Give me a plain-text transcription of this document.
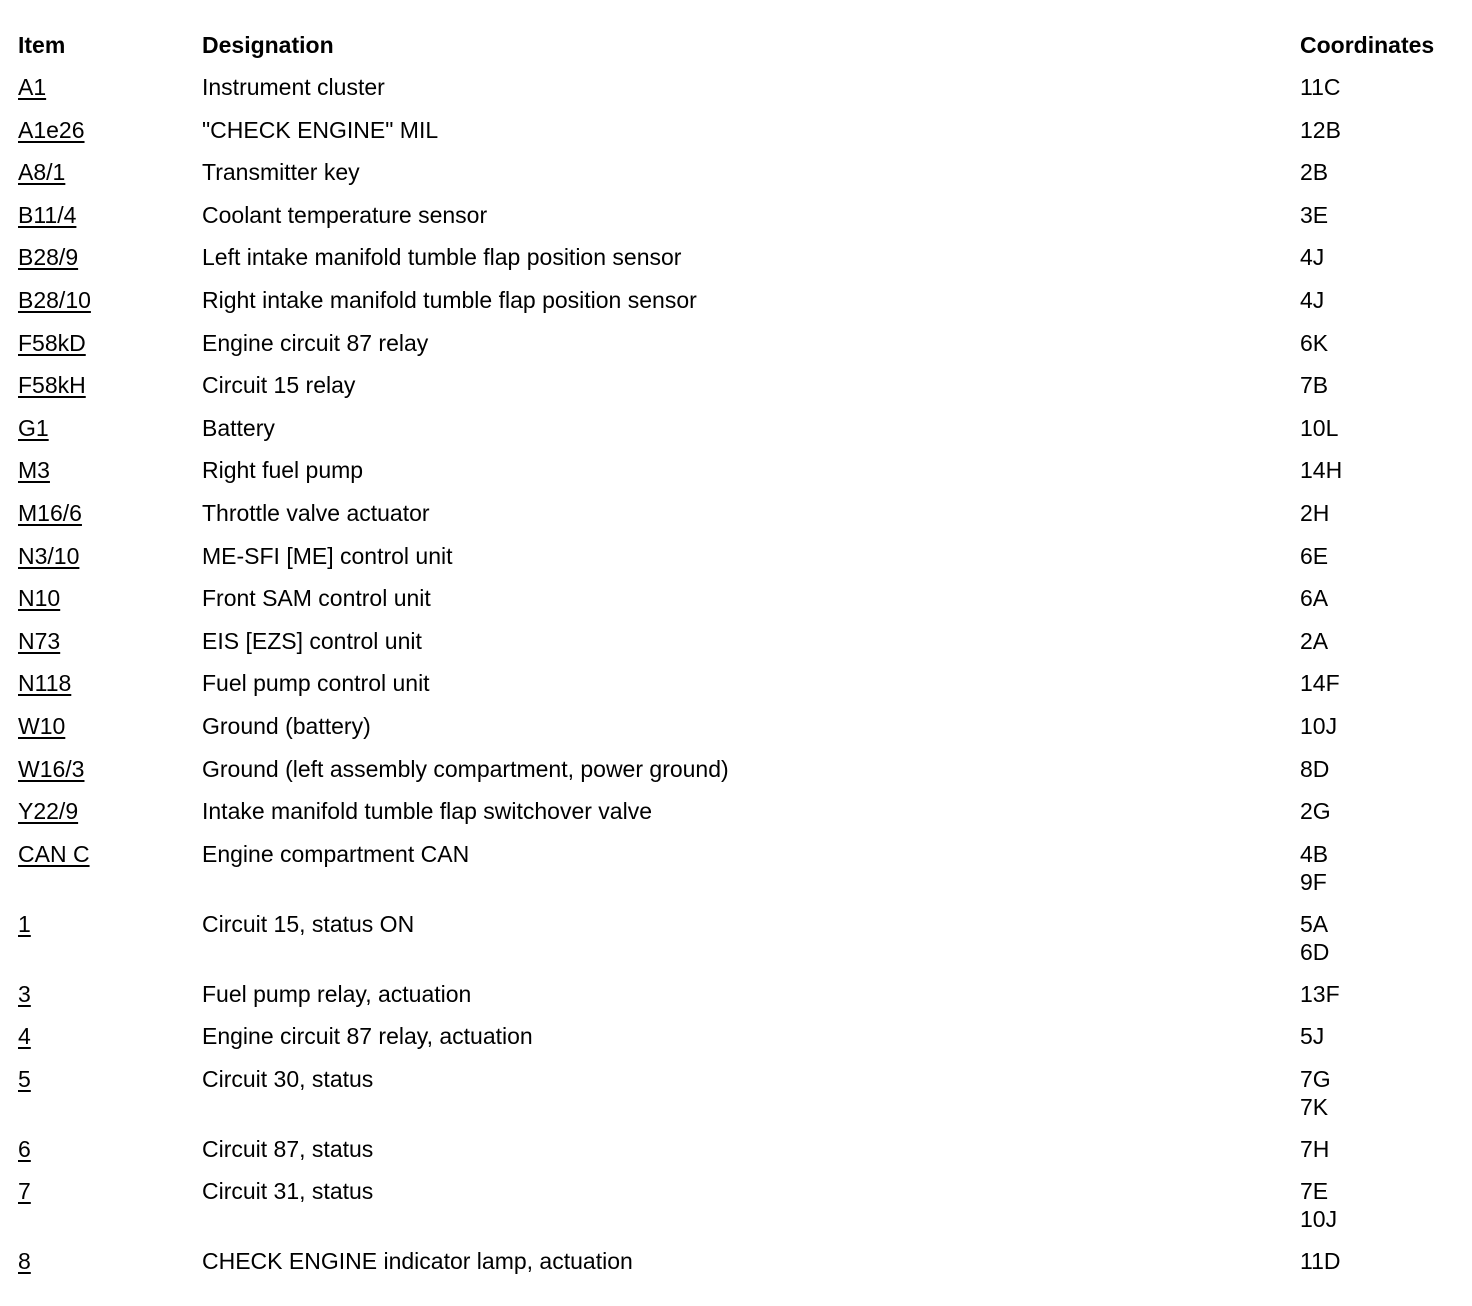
Item	Designation	Coordinates
A1	Instrument cluster	11C
A1e26	"CHECK ENGINE" MIL	12B
A8/1	Transmitter key	2B
B11/4	Coolant temperature sensor	3E
B28/9	Left intake manifold tumble flap position sensor	4J
B28/10	Right intake manifold tumble flap position sensor	4J
F58kD	Engine circuit 87 relay	6K
F58kH	Circuit 15 relay	7B
G1	Battery	10L
M3	Right fuel pump	14H
M16/6	Throttle valve actuator	2H
N3/10	ME-SFI [ME] control unit	6E
N10	Front SAM control unit	6A
N73	EIS [EZS] control unit	2A
N118	Fuel pump control unit	14F
W10	Ground (battery)	10J
W16/3	Ground (left assembly compartment, power ground)	8D
Y22/9	Intake manifold tumble flap switchover valve	2G
CAN C	Engine compartment CAN	4B
9F
1	Circuit 15, status ON	5A
6D
3	Fuel pump relay, actuation	13F
4	Engine circuit 87 relay, actuation	5J
5	Circuit 30, status	7G
7K
6	Circuit 87, status	7H
7	Circuit 31, status	7E
10J
8	CHECK ENGINE indicator lamp, actuation	11D
